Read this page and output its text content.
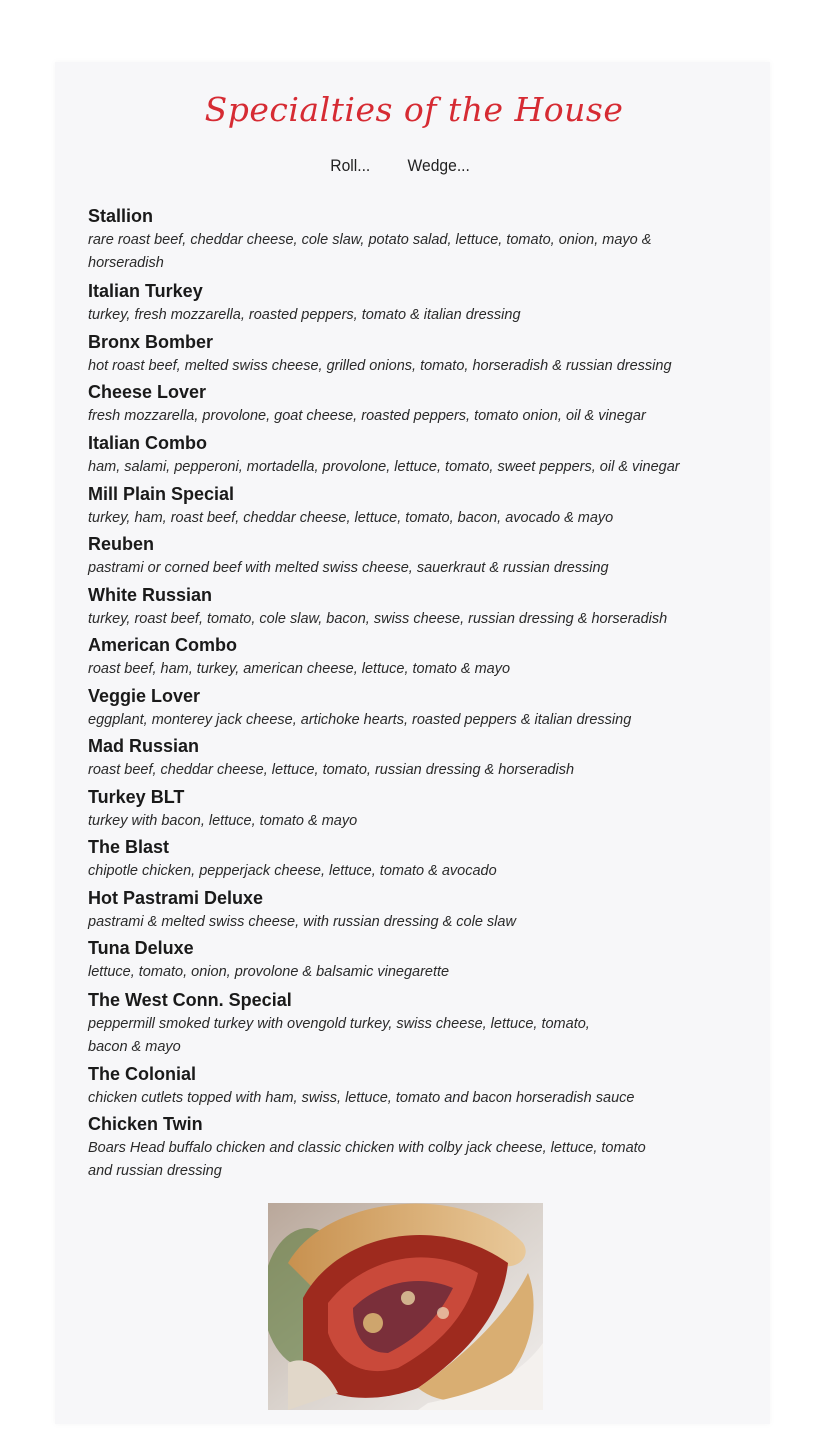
Specialties of the House
Roll... Wedge...
Stallion
rare roast beef, cheddar cheese, cole slaw, potato salad, lettuce, tomato, onion, mayo &
horseradish
Italian Turkey
turkey, fresh mozzarella, roasted peppers, tomato & italian dressing
Bronx Bomber
hot roast beef, melted swiss cheese, grilled onions, tomato, horseradish & russian dressing
Cheese Lover
fresh mozzarella, provolone, goat cheese, roasted peppers, tomato onion, oil & vinegar
Italian Combo
ham, salami, pepperoni, mortadella, provolone, lettuce, tomato, sweet peppers, oil & vinegar
Mill Plain Special
turkey, ham, roast beef, cheddar cheese, lettuce, tomato, bacon, avocado & mayo
Reuben
pastrami or corned beef with melted swiss cheese, sauerkraut & russian dressing
White Russian
turkey, roast beef, tomato, cole slaw, bacon, swiss cheese, russian dressing & horseradish
American Combo
roast beef, ham, turkey, american cheese, lettuce, tomato & mayo
Veggie Lover
eggplant, monterey jack cheese, artichoke hearts, roasted peppers & italian dressing
Mad Russian
roast beef, cheddar cheese, lettuce, tomato, russian dressing & horseradish
Turkey BLT
turkey with bacon, lettuce, tomato & mayo
The Blast
chipotle chicken, pepperjack cheese, lettuce, tomato & avocado
Hot Pastrami Deluxe
pastrami & melted swiss cheese, with russian dressing & cole slaw
Tuna Deluxe
lettuce, tomato, onion, provolone & balsamic vinegarette
The West Conn. Special
peppermill smoked turkey with ovengold turkey, swiss cheese, lettuce, tomato,
bacon & mayo
The Colonial
chicken cutlets topped with ham, swiss, lettuce, tomato and bacon horseradish sauce
Chicken Twin
Boars Head buffalo chicken and classic chicken with colby jack cheese, lettuce, tomato
and russian dressing
